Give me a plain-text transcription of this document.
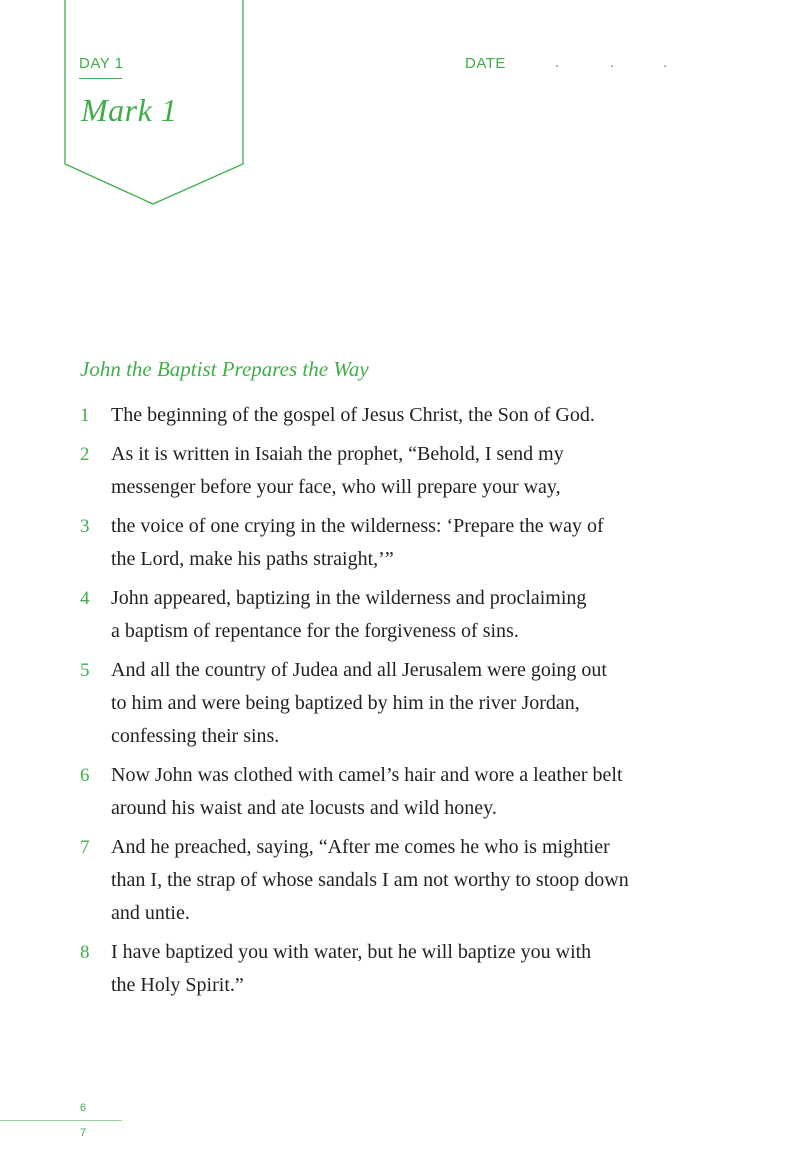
DAY 1
Mark 1
DATE	.	.	.
John the Baptist Prepares the Way
1 The beginning of the gospel of Jesus Christ, the Son of God.
2 As it is written in Isaiah the prophet, “Behold, I send my
messenger before your face, who will prepare your way,
3 the voice of one crying in the wilderness: ‘Prepare the way of
the Lord, make his paths straight,’”
4 John appeared, baptizing in the wilderness and proclaiming
a baptism of repentance for the forgiveness of sins.
5 And all the country of Judea and all Jerusalem were going out
to him and were being baptized by him in the river Jordan,
confessing their sins.
6 Now John was clothed with camel’s hair and wore a leather belt
around his waist and ate locusts and wild honey.
7 And he preached, saying, “After me comes he who is mightier
than I, the strap of whose sandals I am not worthy to stoop down
and untie.
8 I have baptized you with water, but he will baptize you with
the Holy Spirit.”
6
7
